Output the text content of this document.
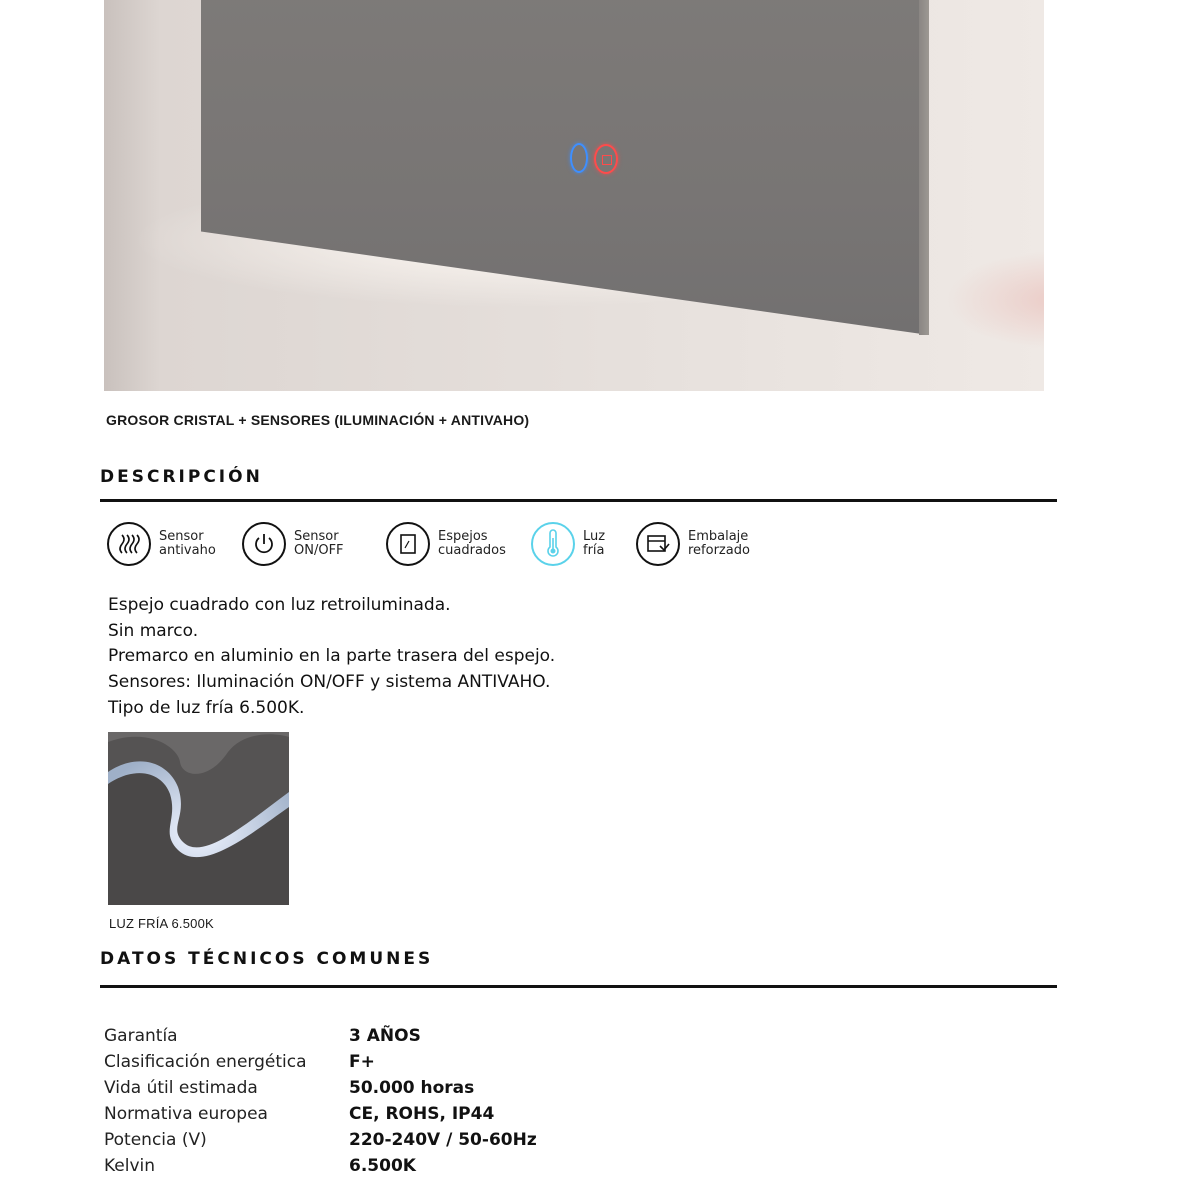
GROSOR CRISTAL + SENSORES (ILUMINACIÓN + ANTIVAHO)
DESCRIPCIÓN
Sensor
antivaho
Sensor
ON/OFF
Espejos
cuadrados
Luz
fría
Embalaje
reforzado
Espejo cuadrado con luz retroiluminada.
Sin marco.
Premarco en aluminio en la parte trasera del espejo.
Sensores: Iluminación ON/OFF y sistema ANTIVAHO.
Tipo de luz fría 6.500K.
LUZ FRÍA 6.500K
DATOS TÉCNICOS COMUNES
Garantía	3 AÑOS
Clasificación energética	F+
Vida útil estimada	50.000 horas
Normativa europea	CE, ROHS, IP44
Potencia (V)	220-240V / 50-60Hz
Kelvin	6.500K
